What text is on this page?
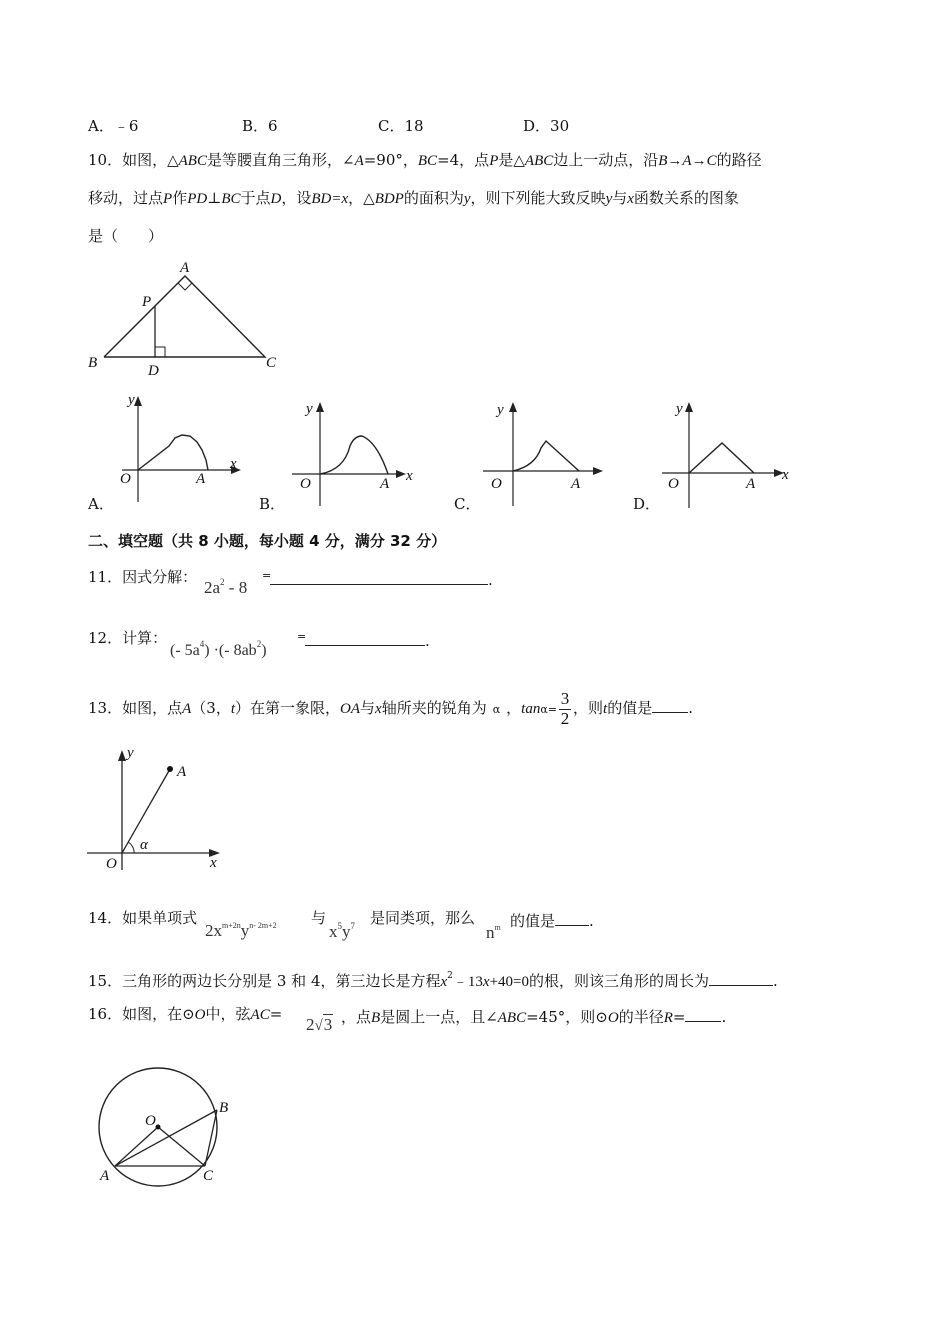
A．﹣6	B．6	C．18	D．30
10．如图，△ABC是等腰直角三角形，∠A=90°，BC=4，点P是△ABC边上一动点，沿B→A→C的路径
移动，过点P作PD⊥BC于点D，设BD=x，△BDP的面积为y，则下列能大致反映y与x函数关系的图象
是（　　）
A
P
B	C
D
y
x
O	A
y
x
O	A
y
O	A
y
x
O	A
A．	B．	C．	D．
二、填空题（共 8 小题，每小题 4 分，满分 32 分）
11．因式分解：
$2a^2 - 8$
=	.
12．计算：
(- $5a^4$) ·(- $8ab^2$)
=	.
13．如图，点A（3，t）在第一象限，OA与x轴所夹的锐角为 α ，$\tan\alpha= \frac{3}{2}$ ，则t的值是 .
y
x
O
A
α
14．如果单项式
$2x^{m+2n}y^{n- 2m+2}$ 与
$x^5y^7$ 是同类项，那么
$n^m$ 的值是 .
15．三角形的两边长分别是 3 和 4，第三边长是方程$x^2﹣13x+40=0$的根，则该三角形的周长为	.
16．如图，在⊙O中，弦AC=
2√3 ，点B是圆上一点，且∠ABC=45°，则⊙O的半径R= .
O
A
B
C
